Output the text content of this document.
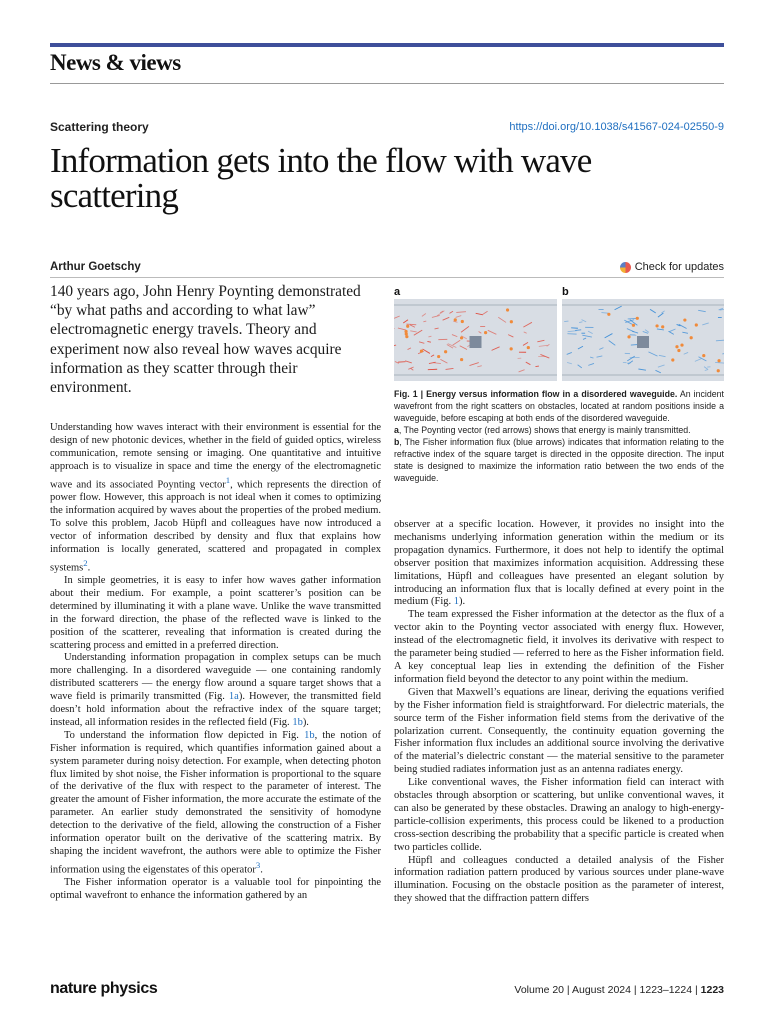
News & views
Scattering theory	https://doi.org/10.1038/s41567-024-02550-9
Information gets into the flow with wave scattering
Arthur Goetschy	Check for updates

140 years ago, John Henry Poynting demonstrated “by what paths and according to what law” electromagnetic energy travels. Theory and experiment now also reveal how waves acquire information as they scatter through their environment.

a	b
Fig. 1 | Energy versus information flow in a disordered waveguide. An incident wavefront from the right scatters on obstacles, located at random positions inside a waveguide, before escaping at both ends of the disordered waveguide.
a, The Poynting vector (red arrows) shows that energy is mainly transmitted.
b, The Fisher information flux (blue arrows) indicates that information relating to the refractive index of the square target is directed in the opposite direction. The input state is designed to maximize the information ratio between the two ends of the waveguide.

Understanding how waves interact with their environment is essential for the design of new photonic devices, whether in the field of guided optics, wireless communication, remote sensing or imaging. One quantitative and intuitive approach is to visualize in space and time the energy of the electromagnetic wave and its associated Poynting vector$^1$, which represents the direction of power flow. However, this approach is not ideal when it comes to optimizing the information acquired by waves about the properties of the probed medium. To solve this problem, Jacob Hüpfl and colleagues have now introduced a vector of information described by density and flux that explains how information is locally generated, scattered and propagated in complex systems$^2$.

In simple geometries, it is easy to infer how waves gather information about their medium. For example, a point scatterer’s position can be determined by illuminating it with a plane wave. Unlike the wave transmitted in the forward direction, the phase of the reflected wave is linked to the position of the scatterer, revealing that information is created during the scattering process and emitted in a preferred direction.

Understanding information propagation in complex setups can be much more challenging. In a disordered waveguide — one containing randomly distributed scatterers — the energy flow around a square target shows that a wave field is primarily transmitted (Fig. 1a). However, the transmitted field doesn’t hold information about the refractive index of the square target; instead, all information resides in the reflected field (Fig. 1b).

To understand the information flow depicted in Fig. 1b, the notion of Fisher information is required, which quantifies information gained about a system parameter during noisy detection. For example, when detecting photon flux limited by shot noise, the Fisher information is proportional to the square of the derivative of the flux with respect to the parameter of interest. The greater the amount of Fisher information, the more accurate the estimate of the parameter. An earlier study demonstrated the sensitivity of homodyne detection to the derivative of the field, allowing the construction of a Fisher information operator built on the derivative of the scattering matrix. By shaping the incident wavefront, the authors were able to optimize the Fisher information using the eigenstates of this operator$^3$.

The Fisher information operator is a valuable tool for pinpointing the optimal wavefront to enhance the information gathered by an

observer at a specific location. However, it provides no insight into the mechanisms underlying information generation within the medium or its propagation dynamics. Furthermore, it does not help to identify the optimal observer position that maximizes information acquisition. Addressing these limitations, Hüpfl and colleagues have presented an elegant solution by introducing an information flux that is locally defined at every point in the medium (Fig. 1).

The team expressed the Fisher information at the detector as the flux of a vector akin to the Poynting vector associated with energy flux. However, instead of the electromagnetic field, it involves its derivative with respect to the parameter being studied — referred to here as the Fisher information field. A key conceptual leap lies in extending the definition of the Fisher information field beyond the detector to any point within the medium.

Given that Maxwell’s equations are linear, deriving the equations verified by the Fisher information field is straightforward. For dielectric materials, the source term of the Fisher information field stems from the derivative of the polarization current. Consequently, the continuity equation governing the Fisher information flux includes an additional source involving the derivative of the material’s dielectric constant — the material sensitive to the parameter being studied radiates information just as an antenna radiates energy.

Like conventional waves, the Fisher information field can interact with obstacles through absorption or scattering, but unlike conventional waves, it can also be generated by these obstacles. Drawing an analogy to high-energy-particle-collision experiments, this process could be likened to a production cross-section describing the probability that a specific particle is created when two particles collide.

Hüpfl and colleagues conducted a detailed analysis of the Fisher information radiation pattern produced by various sources under plane-wave illumination. Focusing on the obstacle position as the parameter of interest, they showed that the diffraction pattern differs

nature physics	Volume 20 | August 2024 | 1223–1224 | 1223
